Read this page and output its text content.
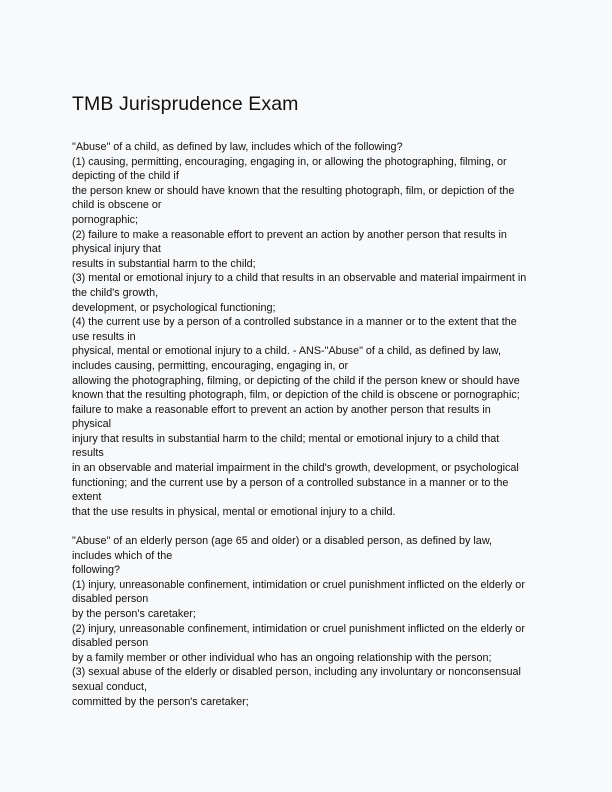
TMB Jurisprudence Exam
"Abuse" of a child, as defined by law, includes which of the following?
(1) causing, permitting, encouraging, engaging in, or allowing the photographing, filming, or
depicting of the child if
the person knew or should have known that the resulting photograph, film, or depiction of the
child is obscene or
pornographic;
(2) failure to make a reasonable effort to prevent an action by another person that results in
physical injury that
results in substantial harm to the child;
(3) mental or emotional injury to a child that results in an observable and material impairment in
the child's growth,
development, or psychological functioning;
(4) the current use by a person of a controlled substance in a manner or to the extent that the
use results in
physical, mental or emotional injury to a child. - ANS-"Abuse" of a child, as defined by law,
includes causing, permitting, encouraging, engaging in, or
allowing the photographing, filming, or depicting of the child if the person knew or should have
known that the resulting photograph, film, or depiction of the child is obscene or pornographic;
failure to make a reasonable effort to prevent an action by another person that results in
physical
injury that results in substantial harm to the child; mental or emotional injury to a child that
results
in an observable and material impairment in the child's growth, development, or psychological
functioning; and the current use by a person of a controlled substance in a manner or to the
extent
that the use results in physical, mental or emotional injury to a child.
"Abuse" of an elderly person (age 65 and older) or a disabled person, as defined by law,
includes which of the
following?
(1) injury, unreasonable confinement, intimidation or cruel punishment inflicted on the elderly or
disabled person
by the person's caretaker;
(2) injury, unreasonable confinement, intimidation or cruel punishment inflicted on the elderly or
disabled person
by a family member or other individual who has an ongoing relationship with the person;
(3) sexual abuse of the elderly or disabled person, including any involuntary or nonconsensual
sexual conduct,
committed by the person's caretaker;
